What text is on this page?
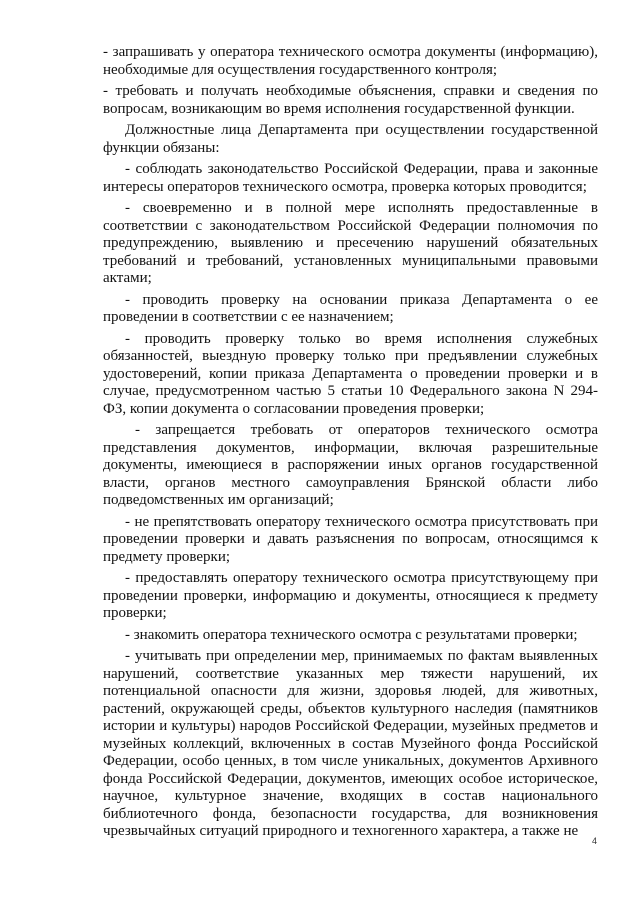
- запрашивать у оператора технического осмотра документы (информацию), необходимые для осуществления государственного контроля;

- требовать и получать необходимые объяснения, справки и сведения по вопросам, возникающим во время исполнения государственной функции.

Должностные лица Департамента при осуществлении государственной функции обязаны:

- соблюдать законодательство Российской Федерации, права и законные интересы операторов технического осмотра, проверка которых проводится;

- своевременно и в полной мере исполнять предоставленные в соответствии с законодательством Российской Федерации полномочия по предупреждению, выявлению и пресечению нарушений обязательных требований и требований, установленных муниципальными правовыми актами;

- проводить проверку на основании приказа Департамента о ее проведении в соответствии с ее назначением;

- проводить проверку только во время исполнения служебных обязанностей, выездную проверку только при предъявлении служебных удостоверений, копии приказа Департамента о проведении проверки и в случае, предусмотренном частью 5 статьи 10 Федерального закона N 294-ФЗ, копии документа о согласовании проведения проверки;

- запрещается требовать от операторов технического осмотра представления документов, информации, включая разрешительные документы, имеющиеся в распоряжении иных органов государственной власти, органов местного самоуправления Брянской области либо подведомственных им организаций;

- не препятствовать оператору технического осмотра присутствовать при проведении проверки и давать разъяснения по вопросам, относящимся к предмету проверки;

- предоставлять оператору технического осмотра присутствующему при проведении проверки, информацию и документы, относящиеся к предмету проверки;

- знакомить оператора технического осмотра с результатами проверки;

- учитывать при определении мер, принимаемых по фактам выявленных нарушений, соответствие указанных мер тяжести нарушений, их потенциальной опасности для жизни, здоровья людей, для животных, растений, окружающей среды, объектов культурного наследия (памятников истории и культуры) народов Российской Федерации, музейных предметов и музейных коллекций, включенных в состав Музейного фонда Российской Федерации, особо ценных, в том числе уникальных, документов Архивного фонда Российской Федерации, документов, имеющих особое историческое, научное, культурное значение, входящих в состав национального библиотечного фонда, безопасности государства, для возникновения чрезвычайных ситуаций природного и техногенного характера, а также не

4
